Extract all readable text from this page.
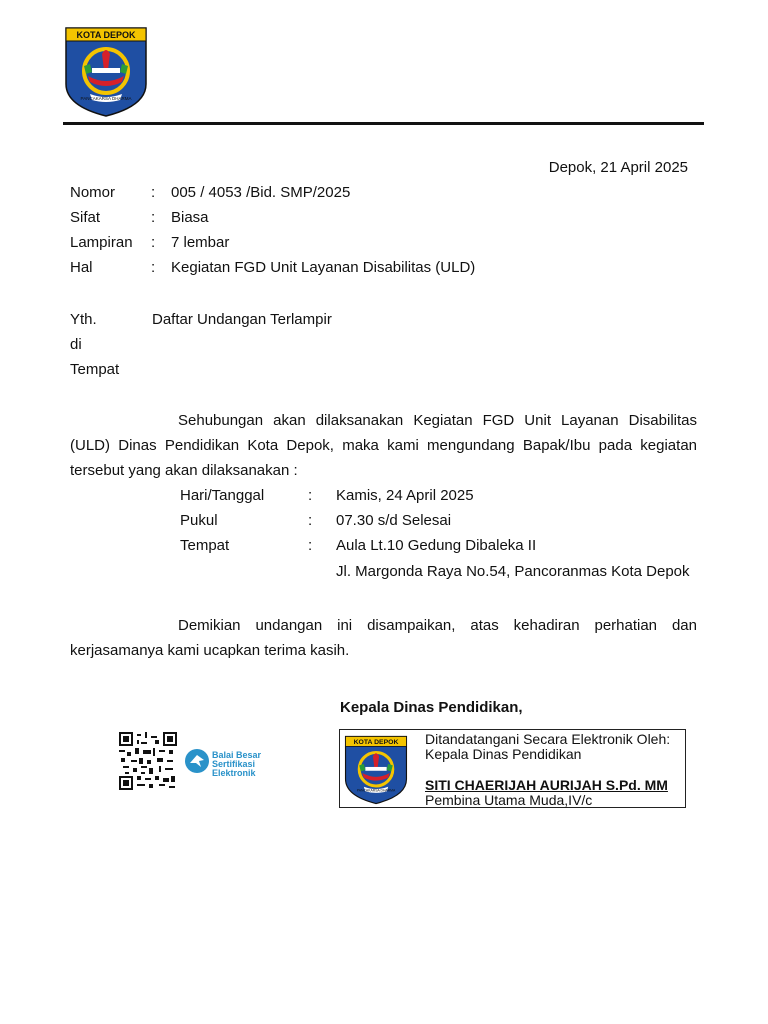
KOTA DEPOK
PANCAKARSA DHARMA
Depok, 21 April 2025
Nomor : 005 / 4053 /Bid. SMP/2025
Sifat	: Biasa
Lampiran : 7 lembar
Hal	: Kegiatan FGD Unit Layanan Disabilitas (ULD)
Yth.	Daftar Undangan Terlampir
di
Tempat
Sehubungan akan dilaksanakan Kegiatan FGD Unit Layanan Disabilitas (ULD) Dinas Pendidikan Kota Depok, maka kami mengundang Bapak/Ibu pada kegiatan tersebut yang akan dilaksanakan :
Hari/Tanggal	: Kamis, 24 April 2025
Pukul	: 07.30 s/d Selesai
Tempat	: Aula Lt.10 Gedung Dibaleka II
Jl. Margonda Raya No.54, Pancoranmas Kota Depok
Demikian undangan ini disampaikan, atas kehadiran perhatian dan kerjasamanya kami ucapkan terima kasih.
Kepala Dinas Pendidikan,
KOTA DEPOK
PANCAKARSA DHARMA
Ditandatangani Secara Elektronik Oleh:
Kepala Dinas Pendidikan
SITI CHAERIJAH AURIJAH S.Pd. MM
Pembina Utama Muda,IV/c
Balai Besar
Sertifikasi
Elektronik
